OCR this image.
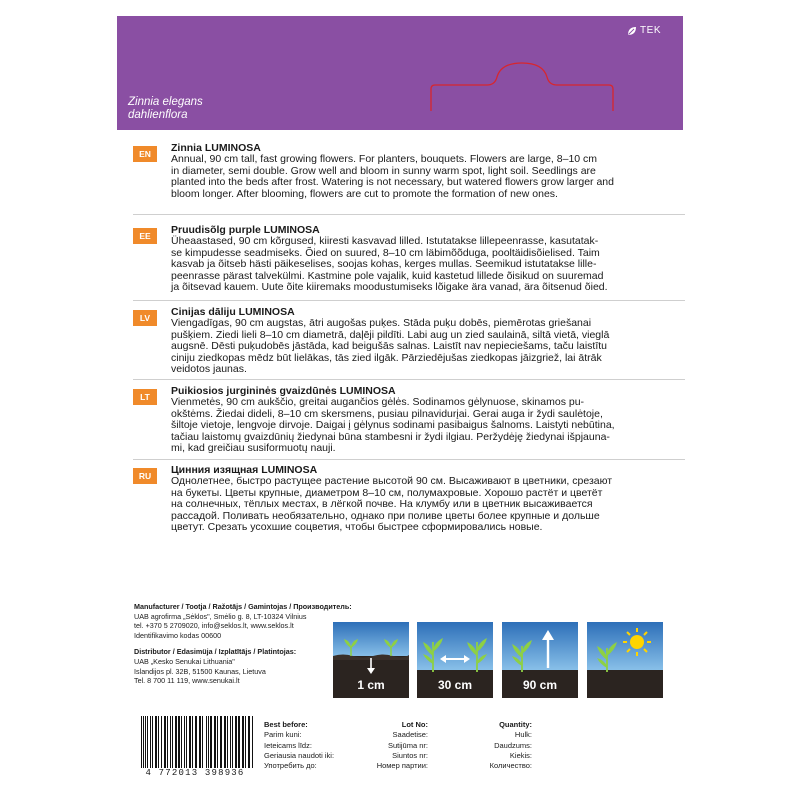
TEK
Zinnia elegans
dahlienflora
EN	Zinnia LUMINOSA
Annual, 90 cm tall, fast growing flowers. For planters, bouquets. Flowers are large, 8–10 cm
in diameter, semi double. Grow well and bloom in sunny warm spot, light soil. Seedlings are
planted into the beds after frost. Watering is not necessary, but watered flowers grow larger and
bloom longer. After blooming, flowers are cut to promote the formation of new ones.
EE	Pruudisõlg purple LUMINOSA
Üheaastased, 90 cm kõrgused, kiiresti kasvavad lilled. Istutatakse lillepeenrasse, kasutatak-
se kimpudesse seadmiseks. Õied on suured, 8–10 cm läbimõõduga, pooltäidisõielised. Taim
kasvab ja õitseb hästi päikeselises, soojas kohas, kerges mullas. Seemikud istutatakse lille-
peenrasse pärast talvekülmi. Kastmine pole vajalik, kuid kastetud lillede õisikud on suuremad
ja õitsevad kauem. Uute õite kiiremaks moodustumiseks lõigake ära vanad, ära õitsenud õied.
LV	Cinijas dāliju LUMINOSA
Viengadīgas, 90 cm augstas, ātri augošas puķes. Stāda puķu dobēs, piemērotas griešanai
pušķiem. Ziedi lieli 8–10 cm diametrā, daļēji pildīti. Labi aug un zied saulainā, siltā vietā, vieglā
augsnē. Dēsti puķudobēs jāstāda, kad beigušās salnas. Laistīt nav nepieciešams, taču laistītu
ciniju ziedkopas mēdz būt lielākas, tās zied ilgāk. Pārziedējušas ziedkopas jāizgriež, lai ātrāk
veidotos jaunas.
LT	Puikiosios jurgininės gvaizdūnės LUMINOSA
Vienmetės, 90 cm aukščio, greitai augančios gėlės. Sodinamos gėlynuose, skinamos pu-
okštėms. Žiedai dideli, 8–10 cm skersmens, pusiau pilnavidurįai. Gerai auga ir žydi saulėtoje,
šiltoje vietoje, lengvoje dirvoje. Daigai į gėlynus sodinami pasibaigus šalnoms. Laistyti nebūtina,
tačiau laistomų gvaizdūnių žiedynai būna stambesni ir žydi ilgiau. Peržydėję žiedynai išpjauna-
mi, kad greičiau susiformuotų nauji.
RU	Цинния изящная LUMINOSA
Однолетнее, быстро растущее растение высотой 90 см. Высаживают в цветники, срезают
на букеты. Цветы крупные, диаметром 8–10 см, полумахровые. Хорошо растёт и цветёт
на солнечных, тёплых местах, в лёгкой почве. На клумбу или в цветник высаживается
рассадой. Поливать необязательно, однако при поливе цветы более крупные и дольше
цветут. Срезать усохшие соцветия, чтобы быстрее сформировались новые.
Manufacturer / Tootja / Ražotājs / Gamintojas / Производитель:
UAB agrofirma „Sėklos", Smėlio g. 8, LT-10324 Vilnius
tel. +370 5 2709020, info@seklos.lt, www.seklos.lt
Identifikavimo kodas 00600
Distributor / Edasimüja / Izplatītājs / Platintojas:
UAB „Kesko Senukai Lithuania"
Islandijos pl. 32B, 51500 Kaunas, Lietuva
Tel. 8 700 11 119, www.senukai.lt	1 cm	30 cm	90 cm
4 772013 398936
Best before:
Parim kuni:
Ieteicams līdz:
Geriausia naudoti iki:
Употребить до:
Lot No:
Saadetise:
Sutijūma nr:
Siuntos nr:
Номер партии:
Quantity:
Hulk:
Daudzums:
Kiekis:
Количество:
